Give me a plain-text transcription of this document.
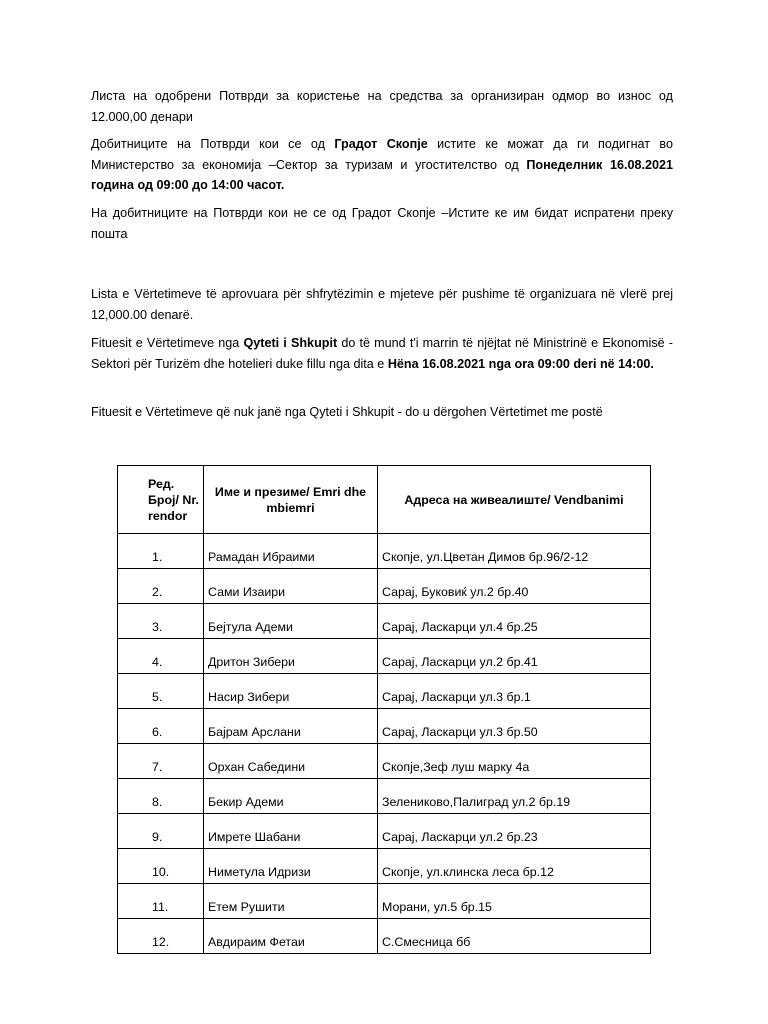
Листа на одобрени Потврди за користење на средства за организиран одмор во износ од 12.000,00 денари

Добитниците на Потврди кои се од Градот Скопје истите ке можат да ги подигнат во Министерство за економија –Сектор за туризам и угостителство од Понеделник 16.08.2021 година од 09:00 до 14:00 часот.

На добитниците на Потврди кои не се од Градот Скопје –Истите ке им бидат испратени преку пошта

Lista e Vërtetimeve të aprovuara për shfrytëzimin e mjeteve për pushime të organizuara në vlerë prej 12,000.00 denarë.

Fituesit e Vërtetimeve nga Qyteti i Shkupit do të mund t'i marrin të njëjtat në Ministrinë e Ekonomisë - Sektori për Turizëm dhe hotelieri duke fillu nga dita e Hëna 16.08.2021 nga ora 09:00 deri në 14:00.

Fituesit e Vërtetimeve që nuk janë nga Qyteti i Shkupit - do u dërgohen Vërtetimet me postë

Ред. Број/ Nr. rendor	Име и презиме/ Emri dhe mbiemri	Адреса на живеалиште/ Vendbanimi
1.	Рамадан Ибраими	Скопје, ул.Цветан Димов бр.96/2-12
2.	Сами Изаири	Сарај, Буковиќ ул.2 бр.40
3.	Бејтула Адеми	Сарај, Ласкарци ул.4 бр.25
4.	Дритон Зибери	Сарај, Ласкарци ул.2 бр.41
5.	Насир Зибери	Сарај, Ласкарци ул.3 бр.1
6.	Бајрам Арслани	Сарај, Ласкарци ул.3 бр.50
7.	Орхан Сабедини	Скопје,Зеф луш марку 4а
8.	Бекир Адеми	Зелениково,Палиград ул.2 бр.19
9.	Имрете Шабани	Сарај, Ласкарци ул.2 бр.23
10.	Ниметула Идризи	Скопје, ул.клинска леса бр.12
11.	Етем Рушити	Морани, ул.5 бр.15
12.	Авдираим Фетаи	С.Смесница бб
